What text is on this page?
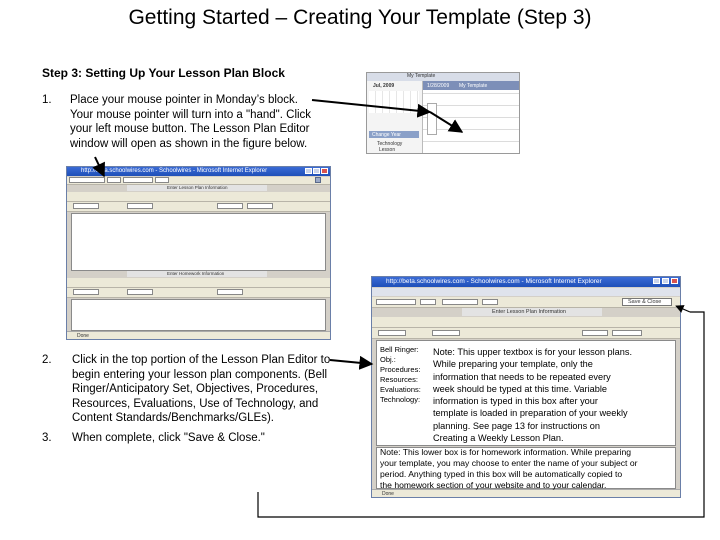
Getting Started – Creating Your Template (Step 3)
Step 3: Setting Up Your Lesson Plan Block
1. Place your mouse pointer in Monday’s block.
Your mouse pointer will turn into a "hand". Click
your left mouse button. The Lesson Plan Editor
window will open as shown in the figure below.
2. Click in the top portion of the Lesson Plan Editor to
begin entering your lesson plan components. (Bell
Ringer/Anticipatory Set, Objectives, Procedures,
Resources, Evaluations, Use of Technology, and
Content Standards/Benchmarks/GLEs).
3. When complete, click "Save & Close."
My Template
Jul, 2009
Change Year
Technology
Lesson
1/28/2009 My Template
http://beta.schoolwires.com - Schoolwires - Microsoft Internet Explorer
Enter Lesson Plan Information
Enter Homework Information
Done
http://beta.schoolwires.com - Schoolwires.com - Microsoft Internet Explorer
Save & Close
Enter Lesson Plan Information
Done
Bell Ringer:
Obj.:
Procedures:
Resources:
Evaluations:
Technology:
Note: This upper textbox is for your lesson plans.
While preparing your template, only the
information that needs to be repeated every
week should be typed at this time. Variable
information is typed in this box after your
template is loaded in preparation of your weekly
planning. See page 13 for instructions on
Creating a Weekly Lesson Plan.
Note: This lower box is for homework information. While preparing
your template, you may choose to enter the name of your subject or
period. Anything typed in this box will be automatically copied to
the homework section of your website and to your calendar.
